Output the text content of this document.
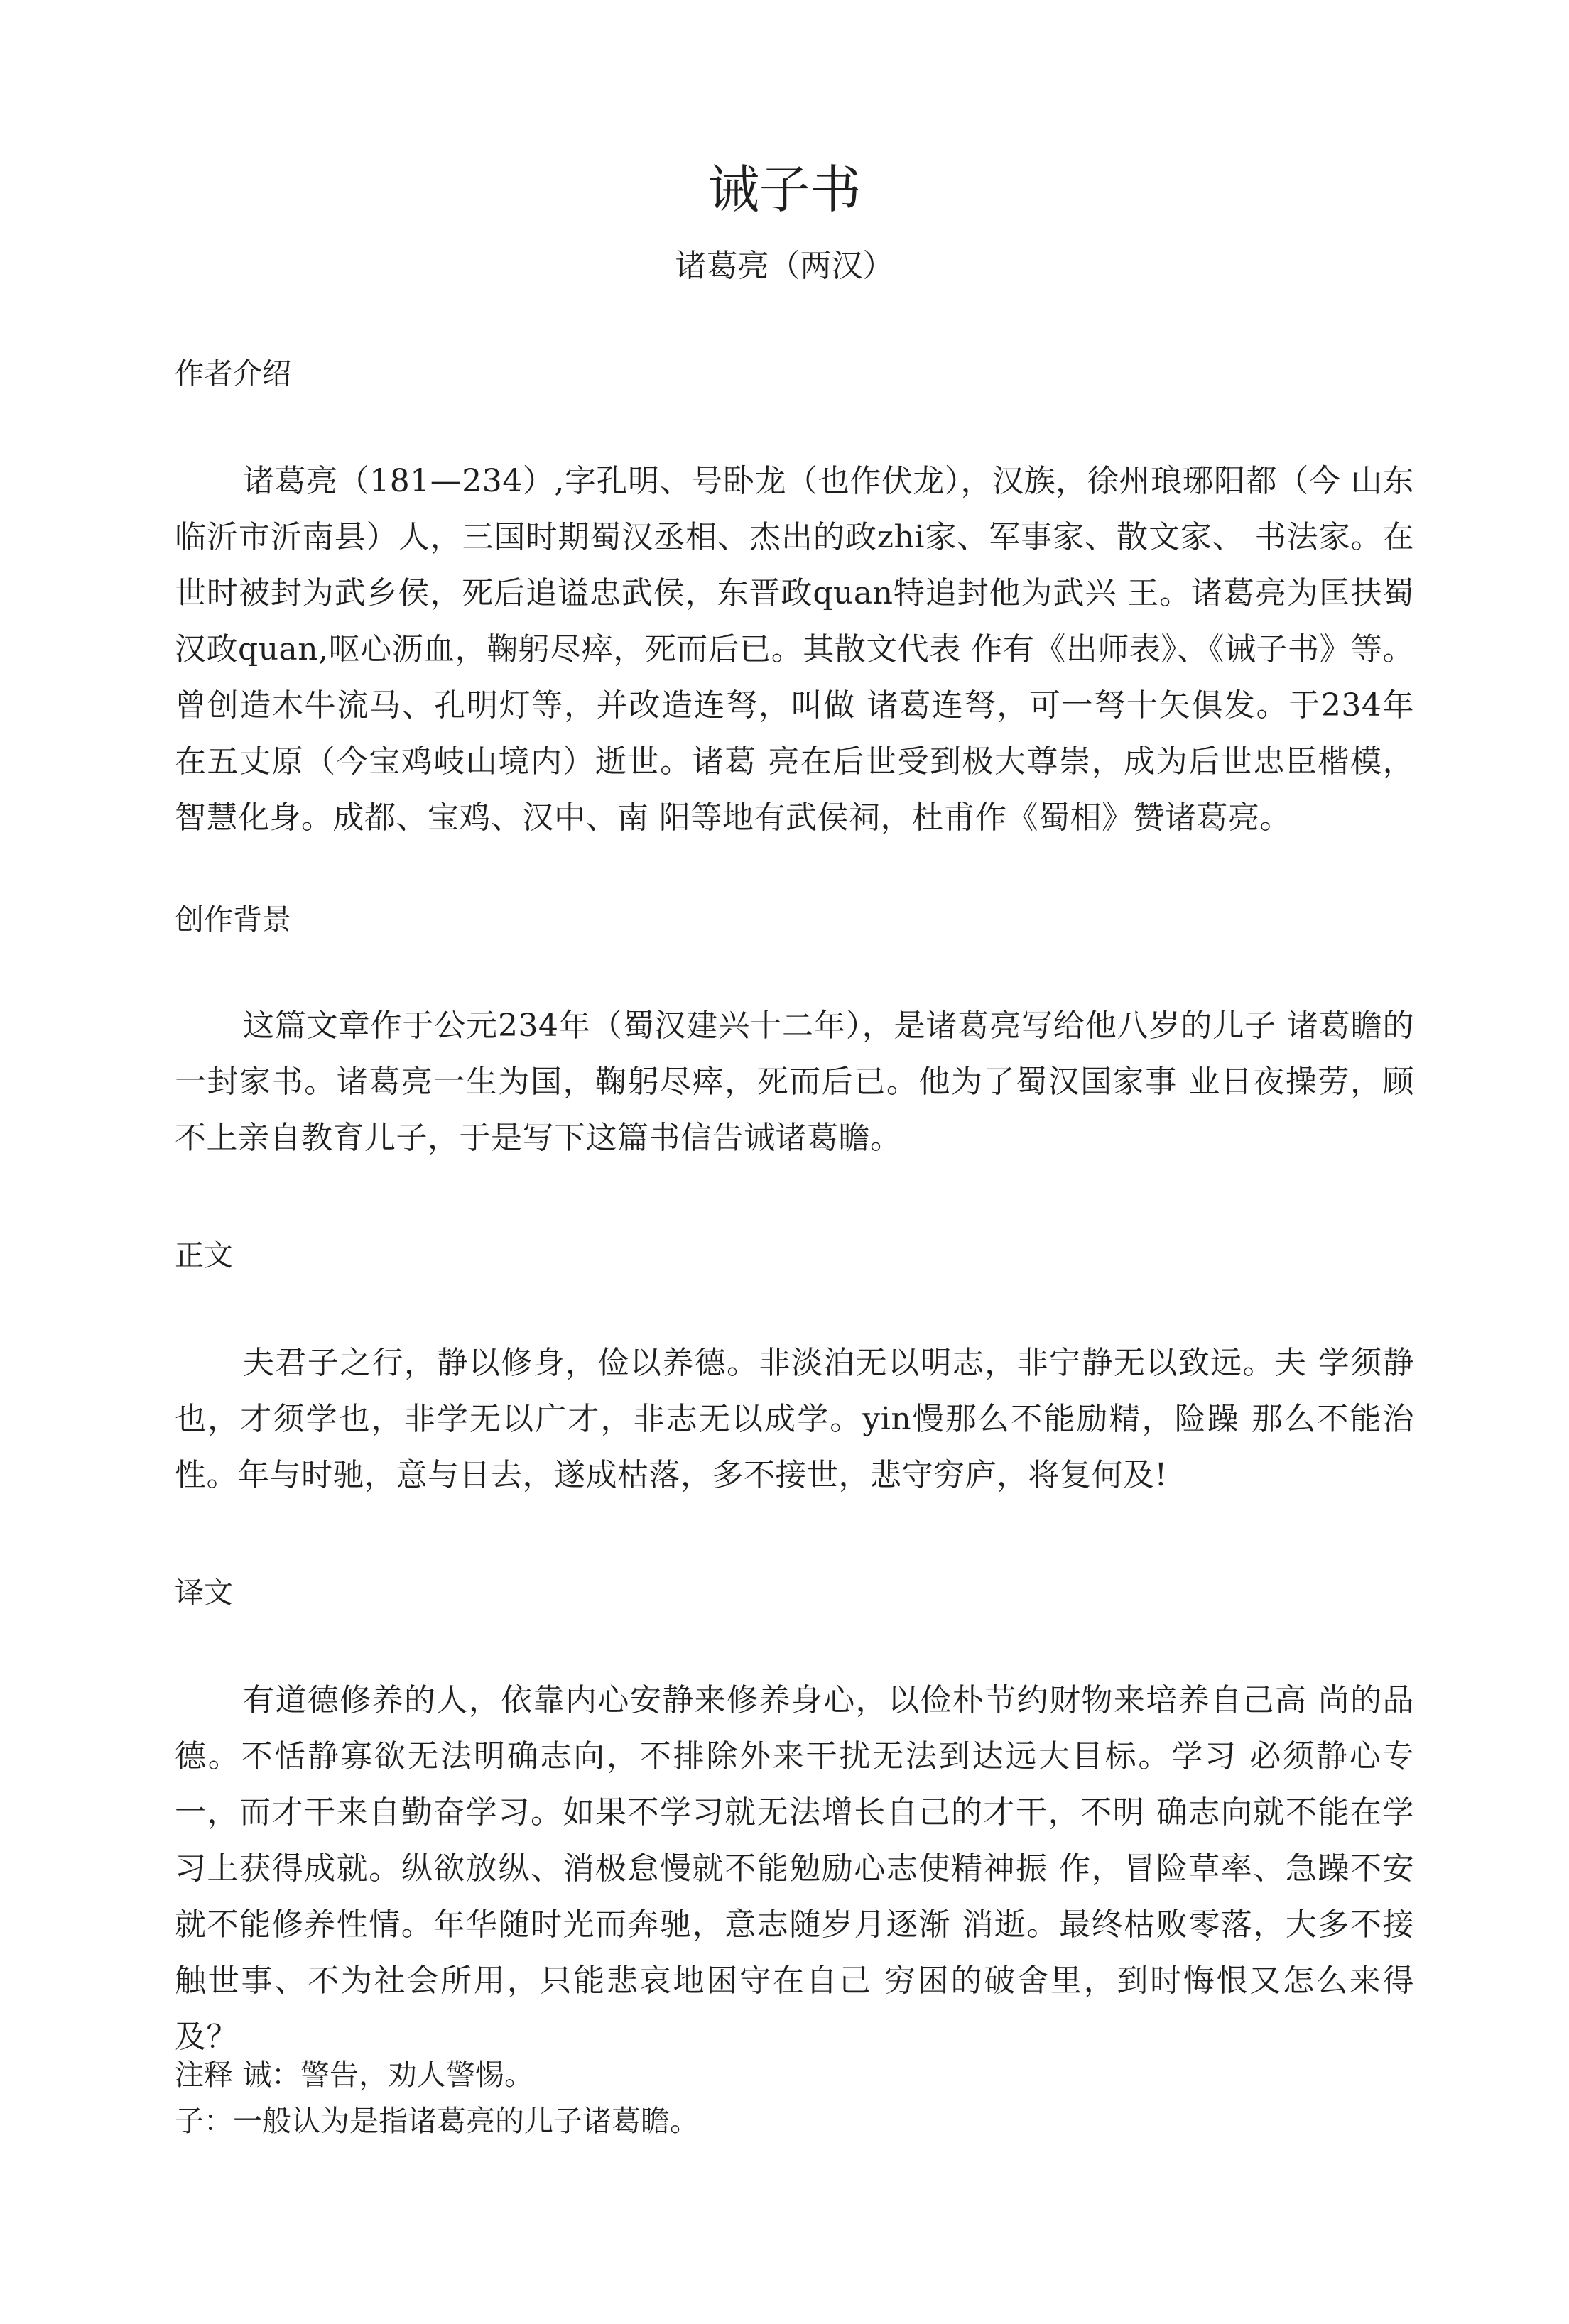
诫子书

诸葛亮（两汉）

作者介绍

诸葛亮（181—234）,字孔明、号卧龙（也作伏龙），汉族，徐州琅琊阳都（今 山东临沂市沂南县）人，三国时期蜀汉丞相、杰出的政zhi家、军事家、散文家、 书法家。在世时被封为武乡侯，死后追谥忠武侯，东晋政quan特追封他为武兴 王。诸葛亮为匡扶蜀汉政quan,呕心沥血，鞠躬尽瘁，死而后已。其散文代表 作有《出师表》、《诫子书》等。曾创造木牛流马、孔明灯等，并改造连弩，叫做 诸葛连弩，可一弩十矢俱发。于234年在五丈原（今宝鸡岐山境内）逝世。诸葛 亮在后世受到极大尊崇，成为后世忠臣楷模，智慧化身。成都、宝鸡、汉中、南 阳等地有武侯祠，杜甫作《蜀相》赞诸葛亮。

创作背景

这篇文章作于公元234年（蜀汉建兴十二年），是诸葛亮写给他八岁的儿子 诸葛瞻的一封家书。诸葛亮一生为国，鞠躬尽瘁，死而后已。他为了蜀汉国家事 业日夜操劳，顾不上亲自教育儿子，于是写下这篇书信告诫诸葛瞻。

正文

夫君子之行，静以修身，俭以养德。非淡泊无以明志，非宁静无以致远。夫 学须静也，才须学也，非学无以广才，非志无以成学。yin慢那么不能励精，险躁 那么不能治性。年与时驰，意与日去，遂成枯落，多不接世，悲守穷庐，将复何及!

译文

有道德修养的人，依靠内心安静来修养身心，以俭朴节约财物来培养自己高 尚的品德。不恬静寡欲无法明确志向，不排除外来干扰无法到达远大目标。学习 必须静心专一，而才干来自勤奋学习。如果不学习就无法增长自己的才干，不明 确志向就不能在学习上获得成就。纵欲放纵、消极怠慢就不能勉励心志使精神振 作，冒险草率、急躁不安就不能修养性情。年华随时光而奔驰，意志随岁月逐渐 消逝。最终枯败零落，大多不接触世事、不为社会所用，只能悲哀地困守在自己 穷困的破舍里，到时悔恨又怎么来得及？

注释 诫：警告，劝人警惕。

子：一般认为是指诸葛亮的儿子诸葛瞻。
